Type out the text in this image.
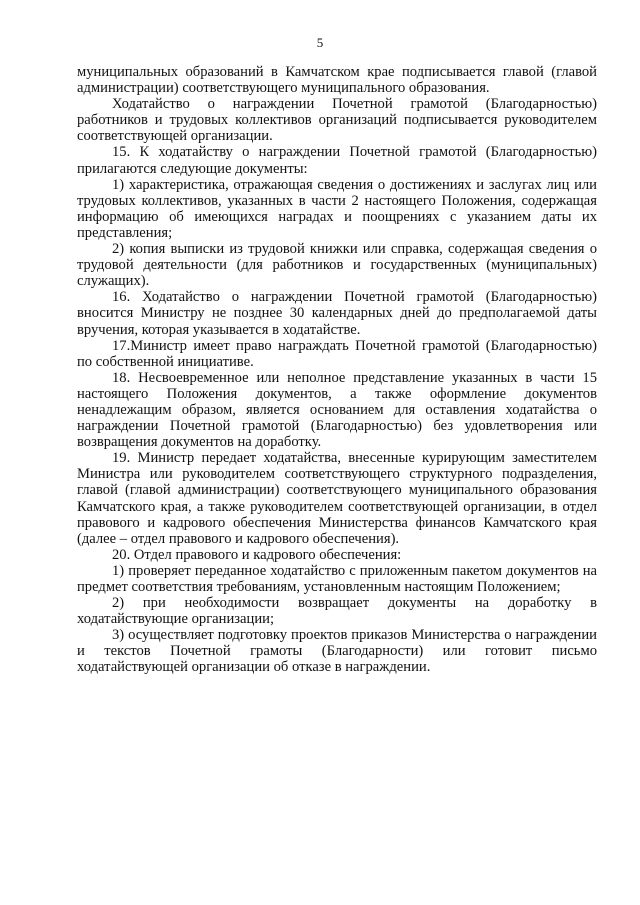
5

муниципальных образований в Камчатском крае подписывается главой (главой администрации) соответствующего муниципального образования.

Ходатайство о награждении Почетной грамотой (Благодарностью) работников и трудовых коллективов организаций подписывается руководителем соответствующей организации.

15. К ходатайству о награждении Почетной грамотой (Благодарностью) прилагаются следующие документы:

1) характеристика, отражающая сведения о достижениях и заслугах лиц или трудовых коллективов, указанных в части 2 настоящего Положения, содержащая информацию об имеющихся наградах и поощрениях с указанием даты их представления;

2) копия выписки из трудовой книжки или справка, содержащая сведения о трудовой деятельности (для работников и государственных (муниципальных) служащих).

16. Ходатайство о награждении Почетной грамотой (Благодарностью) вносится Министру не позднее 30 календарных дней до предполагаемой даты вручения, которая указывается в ходатайстве.

17.Министр имеет право награждать Почетной грамотой (Благодарностью) по собственной инициативе.

18. Несвоевременное или неполное представление указанных в части 15 настоящего Положения документов, а также оформление документов ненадлежащим образом, является основанием для оставления ходатайства о награждении Почетной грамотой (Благодарностью) без удовлетворения или возвращения документов на доработку.

19. Министр передает ходатайства, внесенные курирующим заместителем Министра или руководителем соответствующего структурного подразделения, главой (главой администрации) соответствующего муниципального образования Камчатского края, а также руководителем соответствующей организации, в отдел правового и кадрового обеспечения Министерства финансов Камчатского края (далее – отдел правового и кадрового обеспечения).

20. Отдел правового и кадрового обеспечения:

1) проверяет переданное ходатайство с приложенным пакетом документов на предмет соответствия требованиям, установленным настоящим Положением;

2) при необходимости возвращает документы на доработку в ходатайствующие организации;

3) осуществляет подготовку проектов приказов Министерства о награждении и текстов Почетной грамоты (Благодарности) или готовит письмо ходатайствующей организации об отказе в награждении.
